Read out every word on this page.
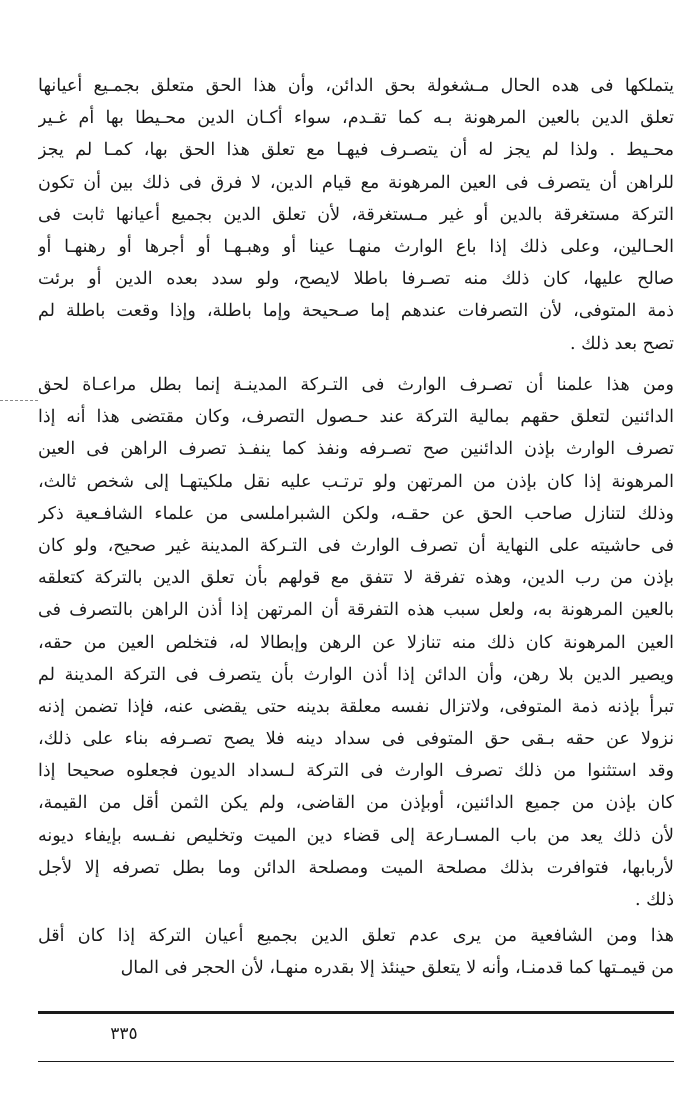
يتملكها فى هده الحال مـشغولة بحق الدائن، وأن هذا الحق متعلق بجمـيع أعيانها
تعلق الدين بالعين المرهونة بـه كما تقـدم، سواء أكـان الدين محـيطا بها أم غـير
محـيط . ولذا لم يجز له أن يتصـرف فيهـا مع تعلق هذا الحق بها، كمـا لم يجز
للراهن أن يتصرف فى العين المرهونة مع قيام الدين، لا فرق فى ذلك بين أن تكون
التركة مستغرقة بالدين أو غير مـستغرقة، لأن تعلق الدين بجميع أعيانها ثابت فى
الحـالين، وعلى ذلك إذا باع الوارث منهـا عينا أو وهبـهـا أو أجرها أو رهنهـا أو
صالح عليها، كان ذلك منه تصـرفا باطلا لايصح، ولو سدد بعده الدين أو برئت
ذمة المتوفى، لأن التصرفات عندهم إما صـحيحة وإما باطلة، وإذا وقعت باطلة لم
تصح بعد ذلك .
ومن هذا علمنا أن تصـرف الوارث فى التـركة المدينـة إنما بطل مراعـاة لحق
الدائنين لتعلق حقهم بمالية التركة عند حـصول التصرف، وكان مقتضى هذا أنه إذا
تصرف الوارث بإذن الدائنين صح تصـرفه ونفذ كما ينفـذ تصرف الراهن فى العين
المرهونة إذا كان بإذن من المرتهن ولو ترتـب عليه نقل ملكيتهـا إلى شخص ثالث،
وذلك لتنازل صاحب الحق عن حقـه، ولكن الشبراملسى من علماء الشافـعية ذكر
فى حاشيته على النهاية أن تصرف الوارث فى التـركة المدينة غير صحيح، ولو كان
بإذن من رب الدين، وهذه تفرقة لا تتفق مع قولهم بأن تعلق الدين بالتركة كتعلقه
بالعين المرهونة به، ولعل سبب هذه التفرقة أن المرتهن إذا أذن الراهن بالتصرف فى
العين المرهونة كان ذلك منه تنازلا عن الرهن وإبطالا له، فتخلص العين من حقه،
ويصير الدين بلا رهن، وأن الدائن إذا أذن الوارث بأن يتصرف فى التركة المدينة لم
تبرأ بإذنه ذمة المتوفى، ولاتزال نفسه معلقة بدينه حتى يقضى عنه، فإذا تضمن إذنه
نزولا عن حقه بـقى حق المتوفى فى سداد دينه فلا يصح تصـرفه بناء على ذلك،
وقد استثنوا من ذلك تصرف الوارث فى التركة لـسداد الديون فجعلوه صحيحا إذا
كان بإذن من جميع الدائنين، أوبإذن من القاضى، ولم يكن الثمن أقل من القيمة،
لأن ذلك يعد من باب المسـارعة إلى قضاء دين الميت وتخليص نفـسه بإيفاء ديونه
لأربابها، فتوافرت بذلك مصلحة الميت ومصلحة الدائن وما بطل تصرفه إلا لأجل
ذلك .
هذا ومن الشافعية من يرى عدم تعلق الدين بجميع أعيان التركة إذا كان أقل
من قيمـتها كما قدمنـا، وأنه لا يتعلق حينئذ إلا بقدره منهـا، لأن الحجر فى المال
٣٣٥
